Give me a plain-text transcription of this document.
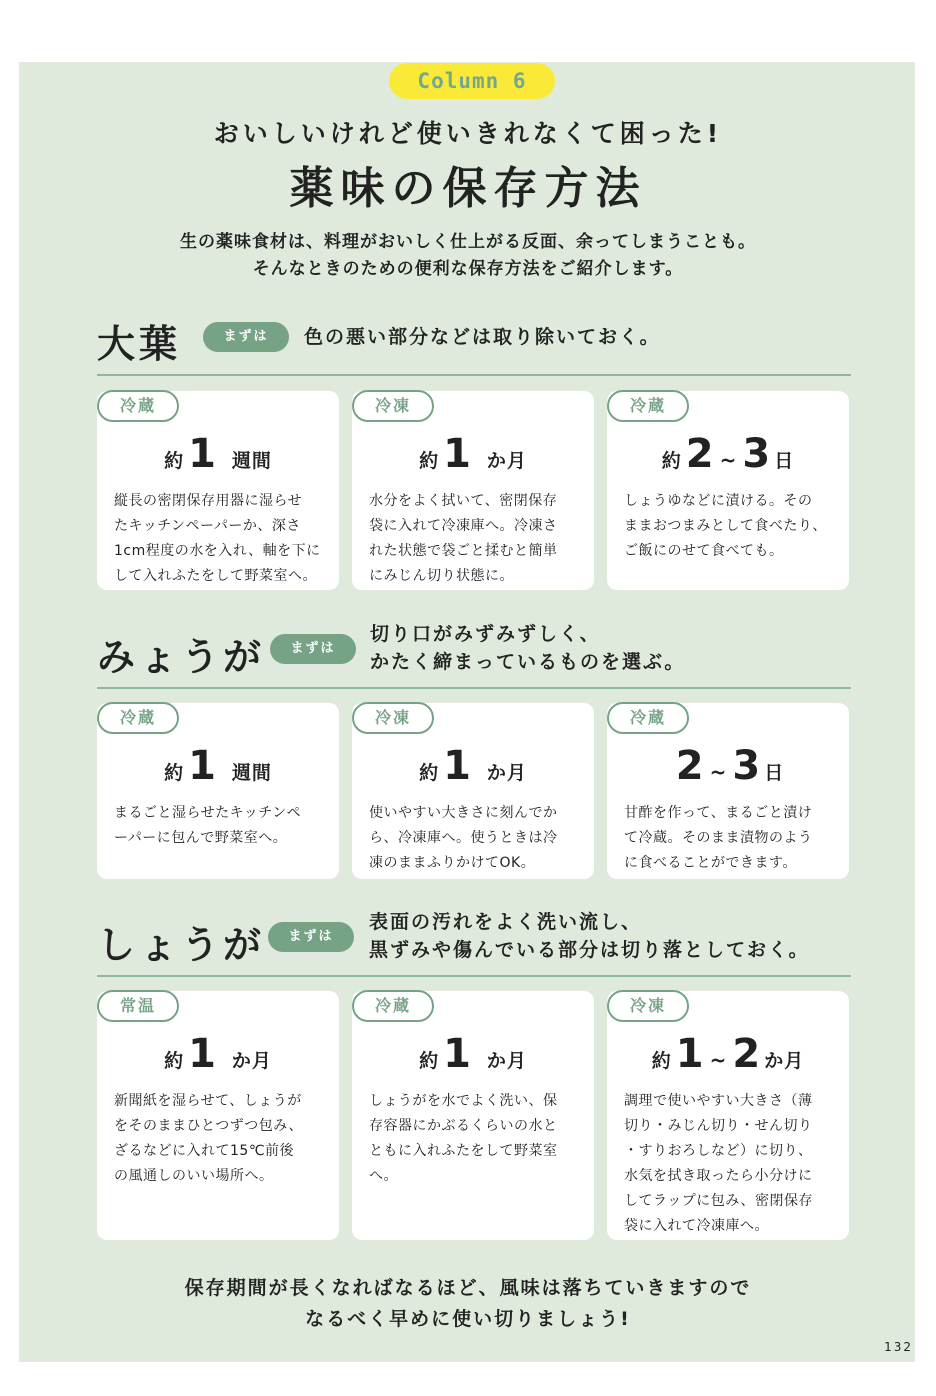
Column 6
おいしいけれど使いきれなくて困った!
薬味の保存方法
生の薬味食材は、料理がおいしく仕上がる反面、余ってしまうことも。
そんなときのための便利な保存方法をご紹介します。
大葉	まずは	色の悪い部分などは取り除いておく。
冷蔵
約 1 週間
縦長の密閉保存用器に湿らせ
たキッチンペーパーか、深さ
1cm程度の水を入れ、軸を下に
して入れふたをして野菜室へ。
冷凍
約 1 か月
水分をよく拭いて、密閉保存
袋に入れて冷凍庫へ。冷凍さ
れた状態で袋ごと揉むと簡単
にみじん切り状態に。
冷蔵
約 2 ~ 3 日
しょうゆなどに漬ける。その
ままおつまみとして食べたり、
ご飯にのせて食べても。
みょうが	まずは
切り口がみずみずしく、
かたく締まっているものを選ぶ。
冷蔵
約 1 週間
まるごと湿らせたキッチンペ
ーパーに包んで野菜室へ。
冷凍
約 1 か月
使いやすい大きさに刻んでか
ら、冷凍庫へ。使うときは冷
凍のままふりかけてOK。
冷蔵
2 ~ 3 日
甘酢を作って、まるごと漬け
て冷蔵。そのまま漬物のよう
に食べることができます。
しょうが	まずは
表面の汚れをよく洗い流し、
黒ずみや傷んでいる部分は切り落としておく。
常温
約 1 か月
新聞紙を湿らせて、しょうが
をそのままひとつずつ包み、
ざるなどに入れて15℃前後
の風通しのいい場所へ。
冷蔵
約 1 か月
しょうがを水でよく洗い、保
存容器にかぶるくらいの水と
ともに入れふたをして野菜室
へ。
冷凍
約 1 ~ 2 か月
調理で使いやすい大きさ（薄
切り・みじん切り・せん切り
・すりおろしなど）に切り、
水気を拭き取ったら小分けに
してラップに包み、密閉保存
袋に入れて冷凍庫へ。
保存期間が長くなればなるほど、風味は落ちていきますので
なるべく早めに使い切りましょう!
132
